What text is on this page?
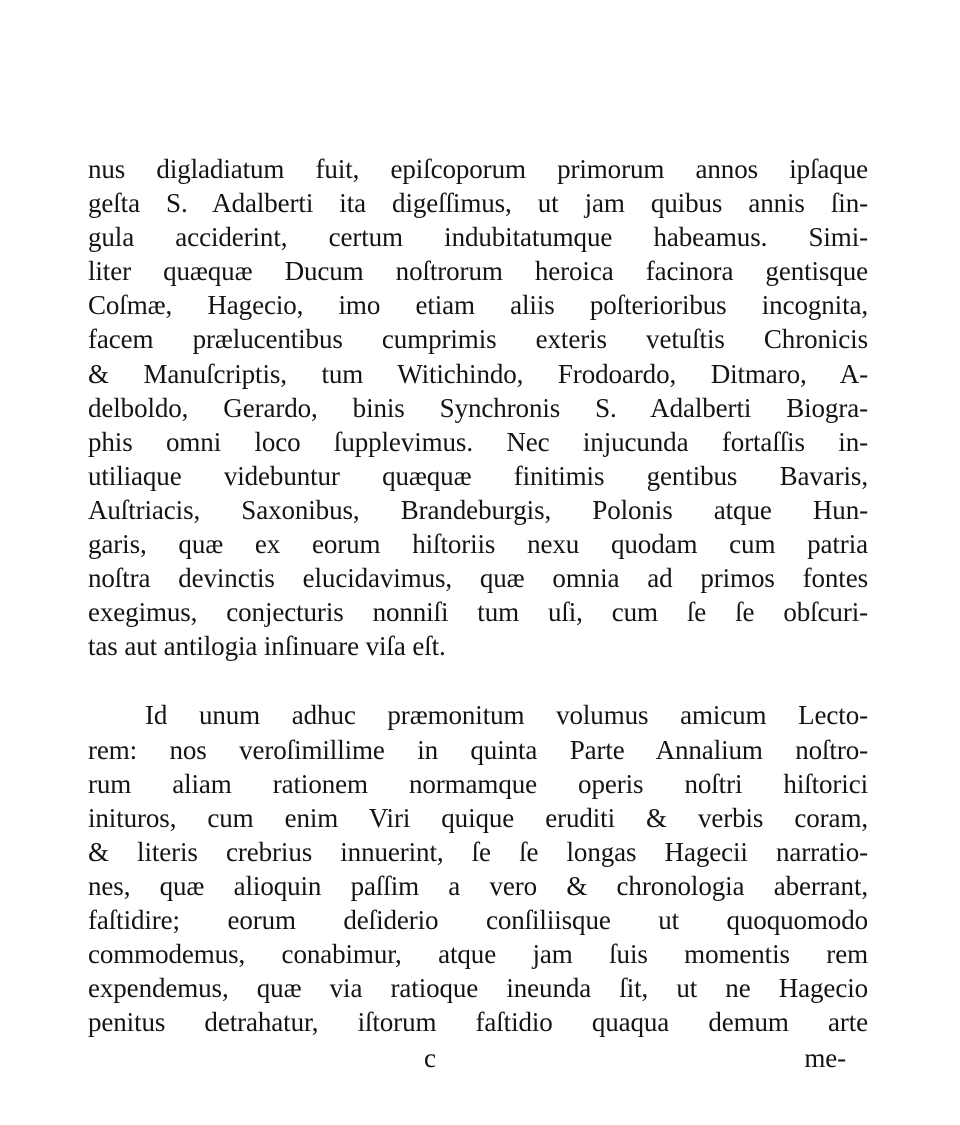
nus digladiatum fuit, epiſcoporum primorum annos ipſaque
geſta S. Adalberti ita digeſſimus, ut jam quibus annis ſin-
gula acciderint, certum indubitatumque habeamus. Simi-
liter quæquæ Ducum noſtrorum heroica facinora gentisque
Coſmæ, Hagecio, imo etiam aliis poſterioribus incognita,
facem prælucentibus cumprimis exteris vetuſtis Chronicis
& Manuſcriptis, tum Witichindo, Frodoardo, Ditmaro, A-
delboldo, Gerardo, binis Synchronis S. Adalberti Biogra-
phis omni loco ſupplevimus. Nec injucunda fortaſſis in-
utiliaque videbuntur quæquæ finitimis gentibus Bavaris,
Auſtriacis, Saxonibus, Brandeburgis, Polonis atque Hun-
garis, quæ ex eorum hiſtoriis nexu quodam cum patria
noſtra devinctis elucidavimus, quæ omnia ad primos fontes
exegimus, conjecturis nonniſi tum uſi, cum ſe ſe obſcuri-
tas aut antilogia inſinuare viſa eſt.
Id unum adhuc præmonitum volumus amicum Lecto-
rem: nos veroſimillime in quinta Parte Annalium noſtro-
rum aliam rationem normamque operis noſtri hiſtorici
inituros, cum enim Viri quique eruditi & verbis coram,
& literis crebrius innuerint, ſe ſe longas Hagecii narratio-
nes, quæ alioquin paſſim a vero & chronologia aberrant,
faſtidire; eorum deſiderio conſiliisque ut quoquomodo
commodemus, conabimur, atque jam ſuis momentis rem
expendemus, quæ via ratioque ineunda ſit, ut ne Hagecio
penitus detrahatur, iſtorum faſtidio quaqua demum arte
c	me-
